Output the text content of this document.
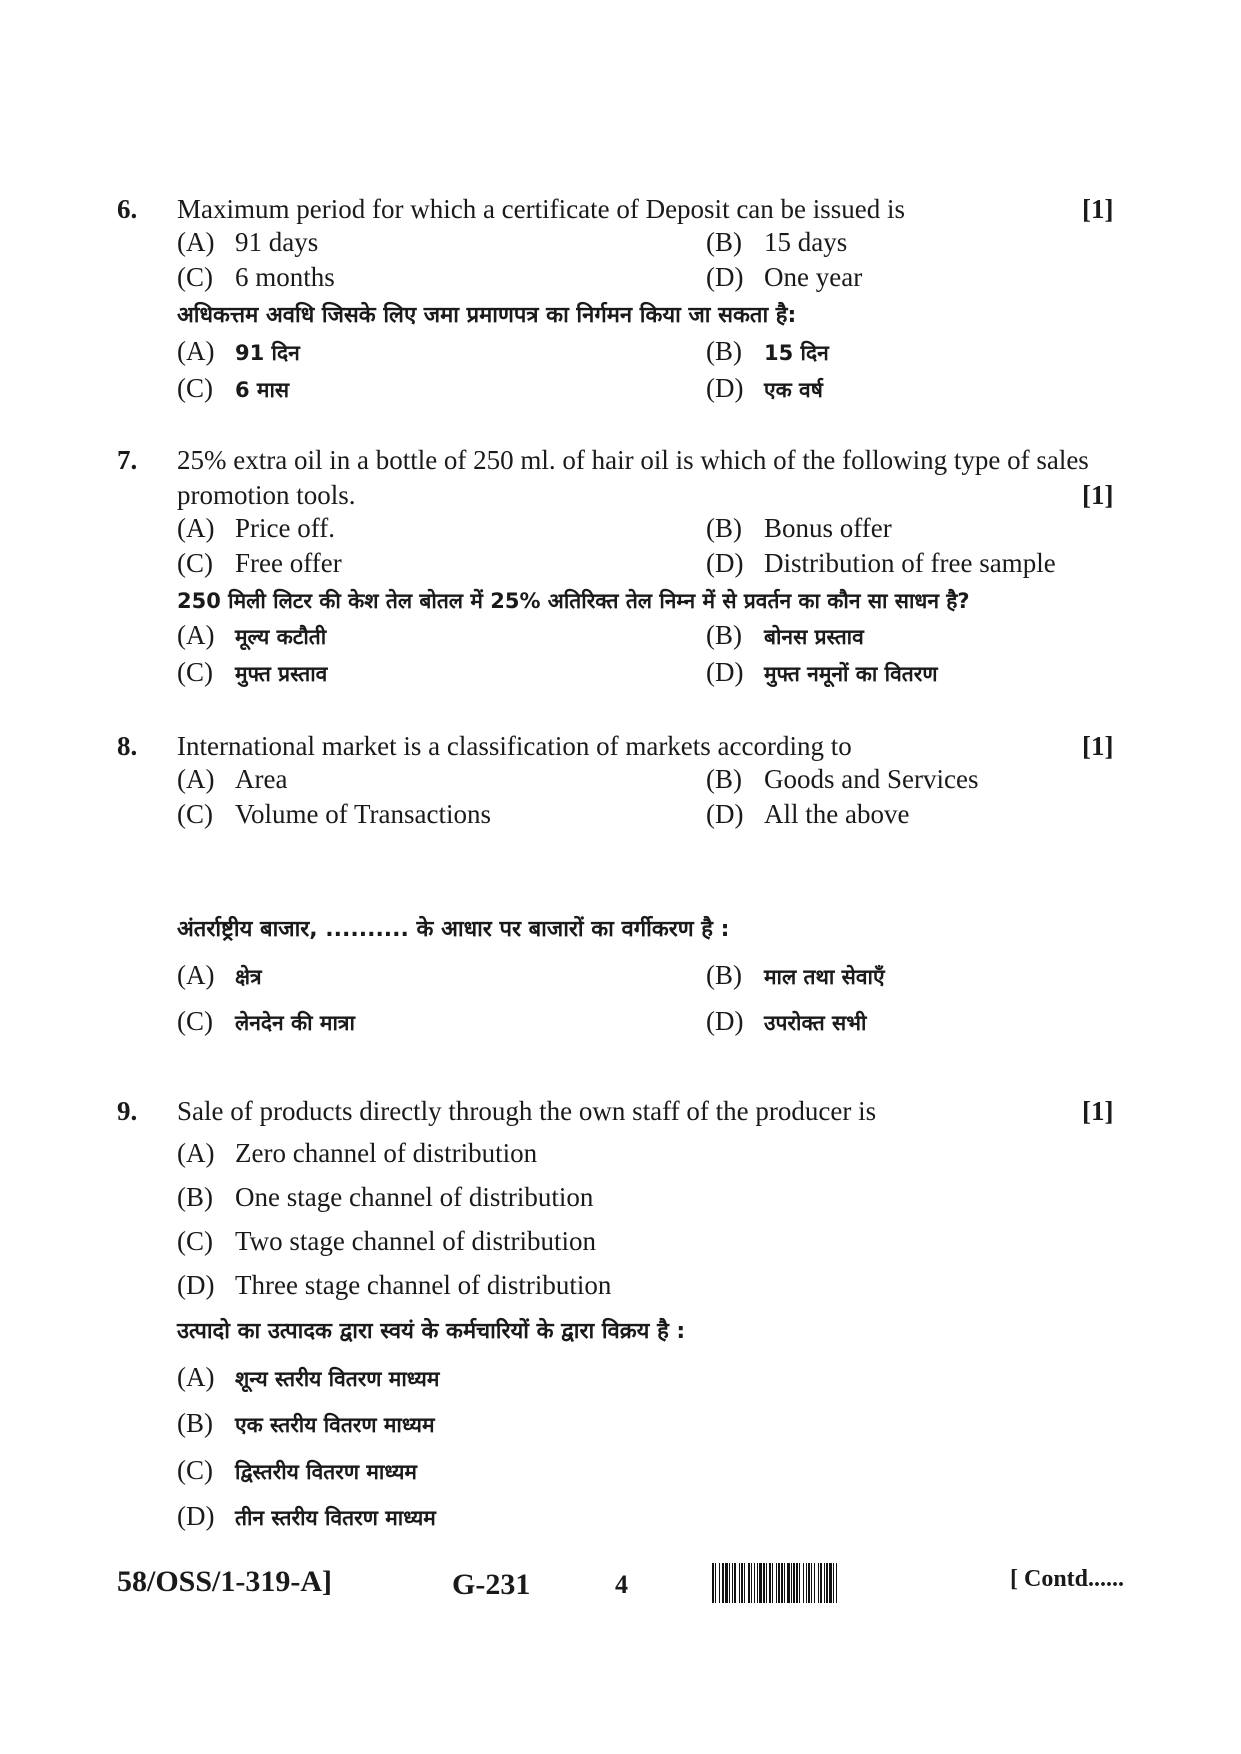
6. Maximum period for which a certificate of Deposit can be issued is	[1]
(A) 91 days	(B) 15 days
(C) 6 months	(D) One year
अधिकत्तम अवधि जिसके लिए जमा प्रमाणपत्र का निर्गमन किया जा सकता है:
(A) 91 दिन	(B)	15 दिन
(C)	6 मास	(D) एक वर्ष
7. 25% extra oil in a bottle of 250 ml. of hair oil is which of the following type of sales
promotion tools.	[1]
(A) Price off.	(B) Bonus offer
(C) Free offer	(D) Distribution of free sample
250 मिली लिटर की केश तेल बोतल में 25% अतिरिक्त तेल निम्न में से प्रवर्तन का कौन सा साधन है?
(A) मूल्य कटौती	(B)	बोनस प्रस्ताव
(C)	मुफ्त प्रस्ताव	(D) मुफ्त नमूनों का वितरण
8. International market is a classification of markets according to	[1]
(A) Area	(B) Goods and Services
(C) Volume of Transactions	(D) All the above
अंतर्राष्ट्रीय बाजार, .......... के आधार पर बाजारों का वर्गीकरण है :
(A) क्षेत्र	(B)	माल तथा सेवाएँ
(C)	लेनदेन की मात्रा	(D) उपरोक्त सभी
9. Sale of products directly through the own staff of the producer is	[1]
(A) Zero channel of distribution
(B) One stage channel of distribution
(C) Two stage channel of distribution
(D) Three stage channel of distribution
उत्पादो का उत्पादक द्वारा स्वयं के कर्मचारियों के द्वारा विक्रय है :
(A) शून्य स्तरीय वितरण माध्यम
(B)	एक स्तरीय वितरण माध्यम
(C)	द्विस्तरीय वितरण माध्यम
(D) तीन स्तरीय वितरण माध्यम
58/OSS/1-319-A]	G-231	4	[ Contd......
